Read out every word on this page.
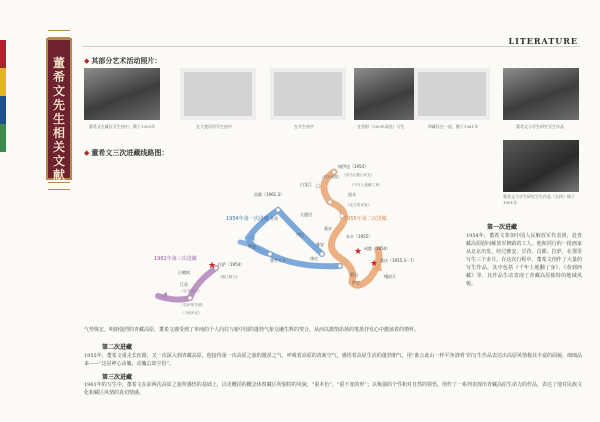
董希文先生相关文献
LITERATURE
◆ 其部分艺术活动照片：
董希文在藏区写生途中，摄于1955年	在大渡河岸写生途中	在写生途中	在贵阳（500米高处）写生	和藏民在一起，摄于1961年	董希文与学生研究写生作品
董希文与学生研究写生作品（右四）摄于1961年
◆ 董希文三次进藏线路图：
★
★
★
1954年第一次进藏	1955年第二次进藏
1961年第三次进藏
锡伊达（1954）
白龙江
黑水
木卡（1955）
昌都（1961.3）
甘孜
大渡河
康定
成都（1954）
雅安
重庆（1955.3－7）
泸定
拉萨（1954）
日喀则
江孜
林芝
墨竹工卡
嘉木
蒙山
丹巴
峨眉天
《喜马拉雅山风光》
《千年土地翻了身》
《北方的来客》
《春到西藏》
《江孜宗山》
《拉萨的早晨》
《三峡风光》
《雅江晴日》
第一次进藏
1954年，董希文参加中国人民解放军代表团，赴青藏高原慰问解放军修路的工人。他和同行的一批画家从北京出发，经过雅安、甘孜、昌都、拉萨，在那里写生三个多月。在这次行程中，董希文创作了大量的写生作品，其中包括《千年土地翻了身》、《春到西藏》等，其作品生动表现了青藏高原独特的地域风貌。
气势恢宏，明朗强烈的青藏高原，董希文感受到了单纯的个人向往与新中国的蓬勃气象交融生辉的契合，从而以激情昂扬的笔墨抒发心中激荡着的情怀。
第二次进藏
1955年，董希文重走长征路，又一次深入到青藏高原。他接待第一次高原之旅的激昂之气，呼吸着高原的清新空气，感悟着高原生活的蓬勃朝气，用“谁言此山一样平净清明”的写生作品表达出高原风情极其丰富的面貌，细细品来——“这是神心动魄，动魄忘却尘俗”。
第三次进藏
1961年的写生中，董希文在前两次高原之旅所感悟的基础上，以更概括的概念体察藏区所独特的风貌，“重本色”，“重不变的形”；以极强的个性和对自然的领悟，创作了一系列表现出青藏高原生命力的作品，表达了他对民族文化和藏区风情的真切情感。
